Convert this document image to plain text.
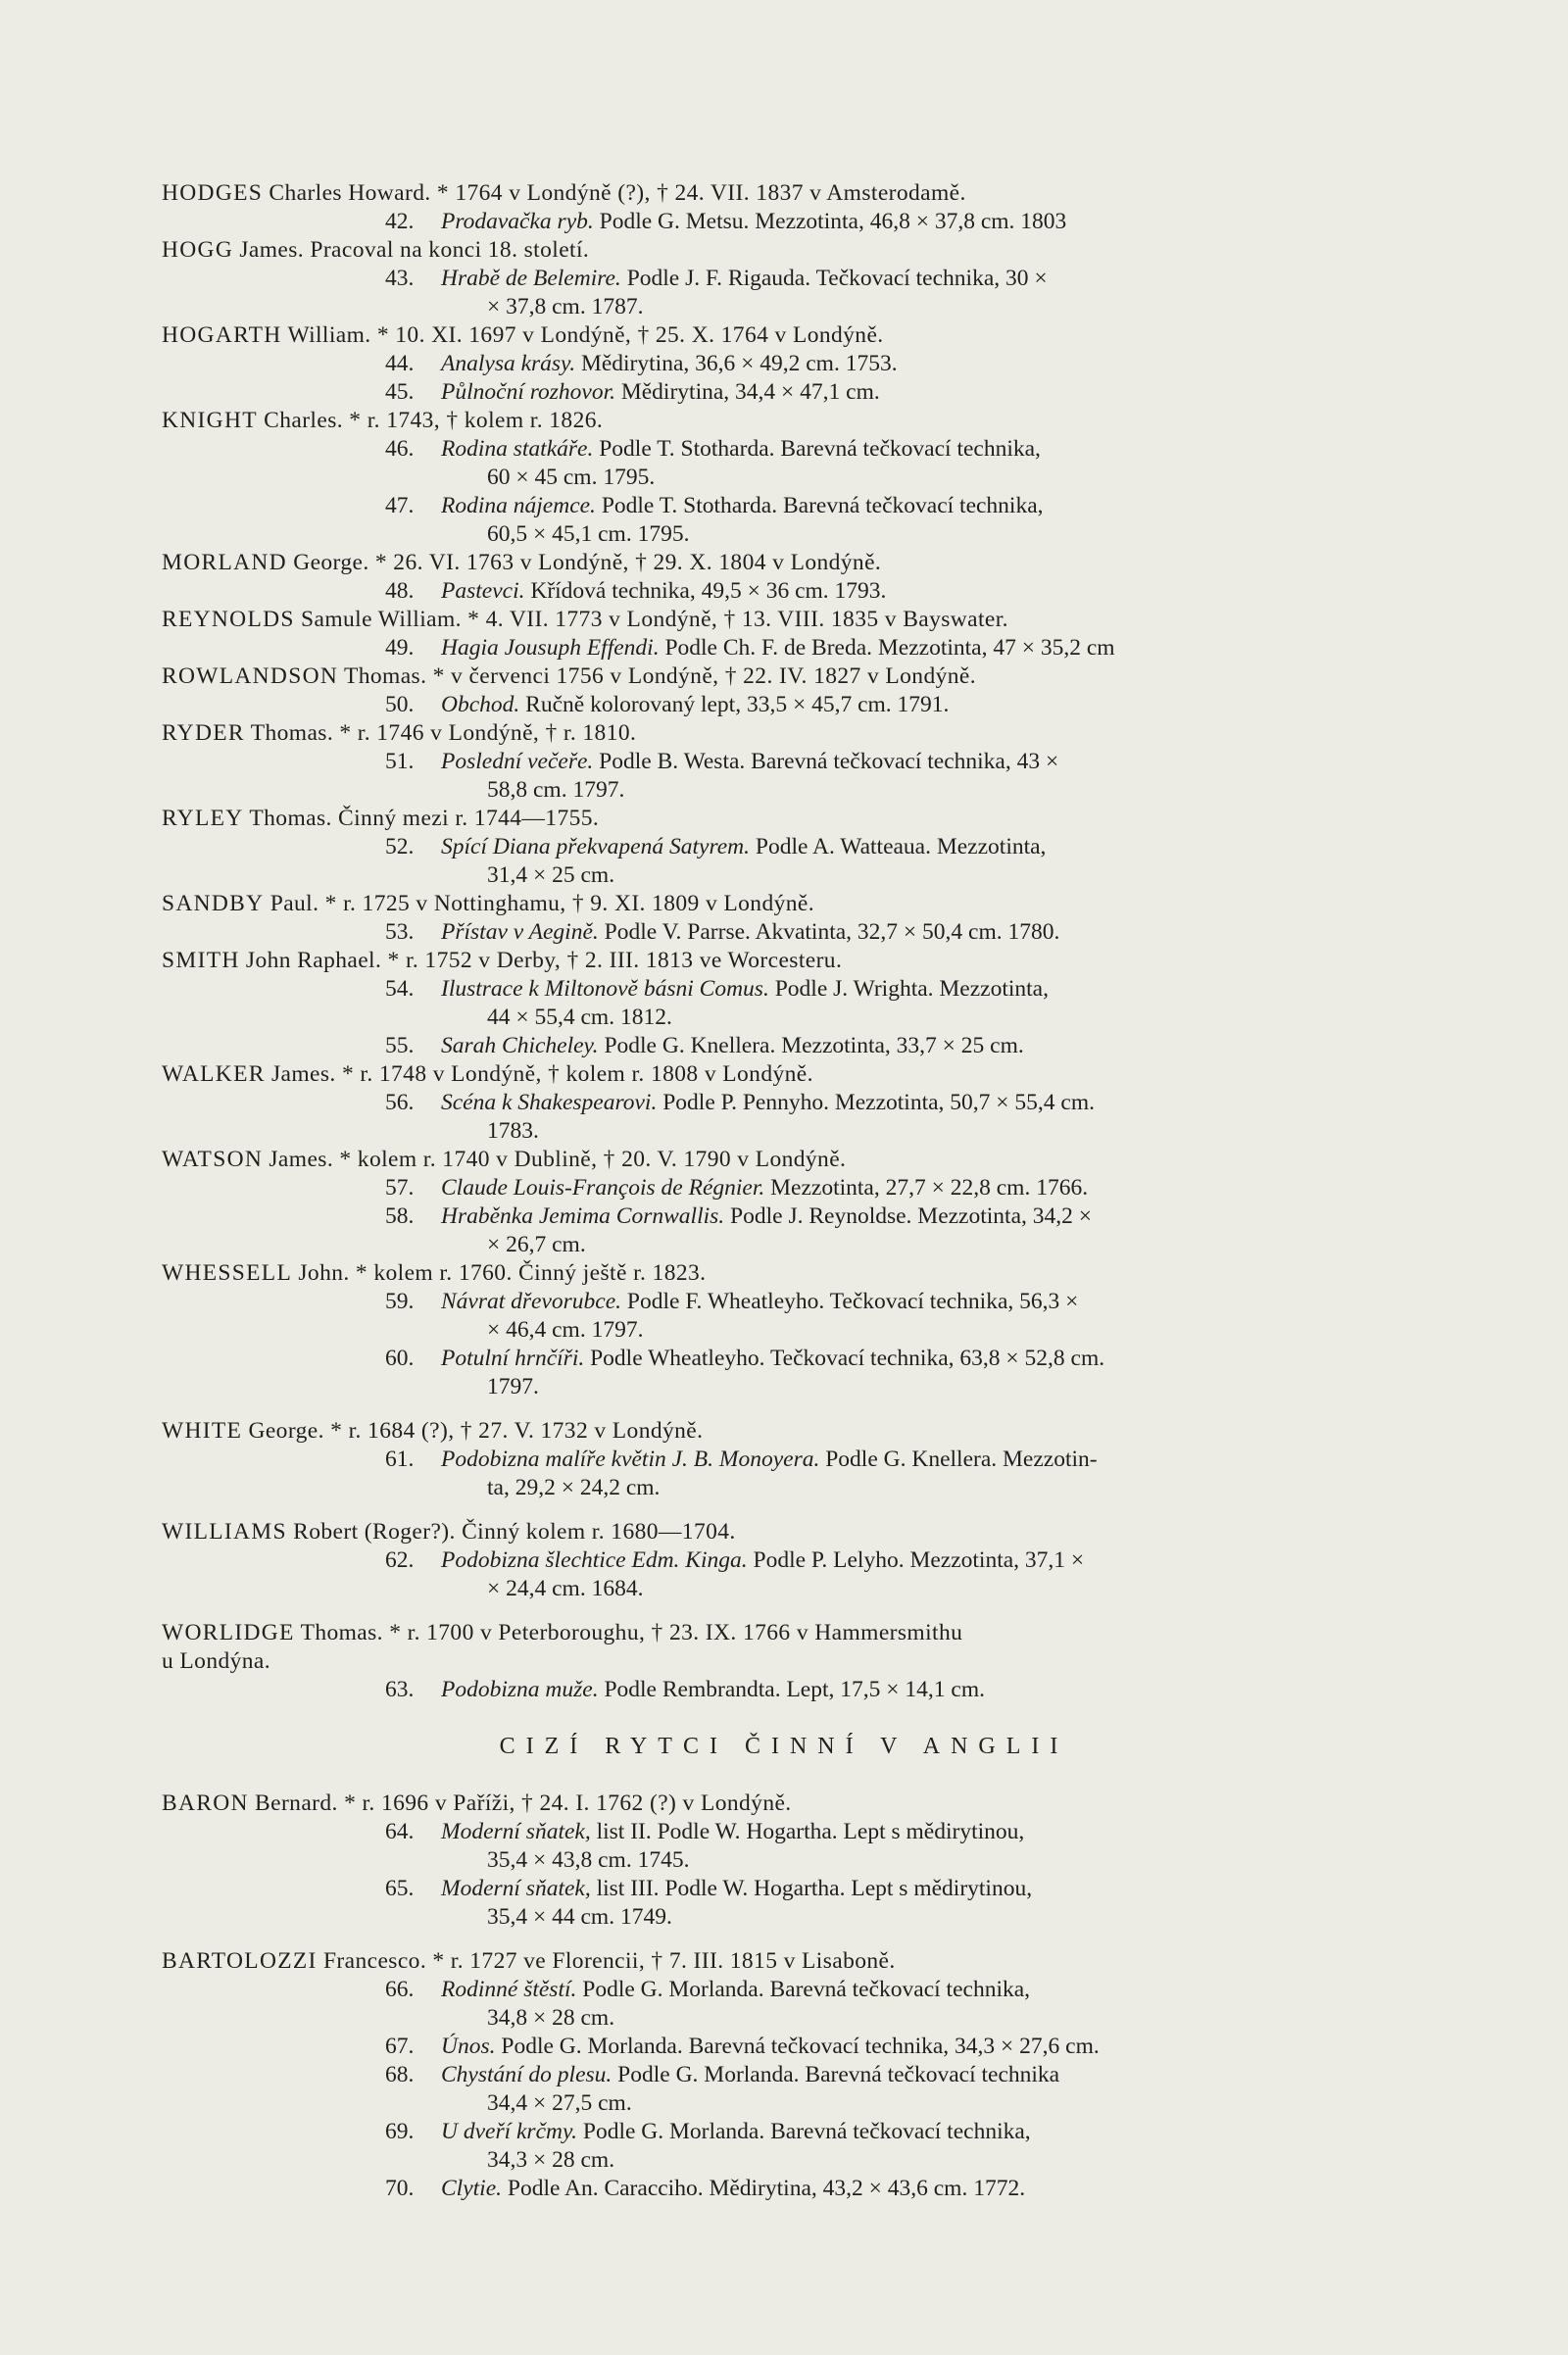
HODGES Charles Howard. * 1764 v Londýně (?), † 24. VII. 1837 v Amsterodamě.
42. Prodavačka ryb. Podle G. Metsu. Mezzotinta, 46,8 × 37,8 cm. 1803
HOGG James. Pracoval na konci 18. století.
43. Hrabě de Belemire. Podle J. F. Rigauda. Tečkovací technika, 30 ×
× 37,8 cm. 1787.
HOGARTH William. * 10. XI. 1697 v Londýně, † 25. X. 1764 v Londýně.
44. Analysa krásy. Mědirytina, 36,6 × 49,2 cm. 1753.
45. Půlnoční rozhovor. Mědirytina, 34,4 × 47,1 cm.
KNIGHT Charles. * r. 1743, † kolem r. 1826.
46. Rodina statkáře. Podle T. Stotharda. Barevná tečkovací technika,
60 × 45 cm. 1795.
47. Rodina nájemce. Podle T. Stotharda. Barevná tečkovací technika,
60,5 × 45,1 cm. 1795.
MORLAND George. * 26. VI. 1763 v Londýně, † 29. X. 1804 v Londýně.
48. Pastevci. Křídová technika, 49,5 × 36 cm. 1793.
REYNOLDS Samule William. * 4. VII. 1773 v Londýně, † 13. VIII. 1835 v Bayswater.
49. Hagia Jousuph Effendi. Podle Ch. F. de Breda. Mezzotinta, 47 × 35,2 cm
ROWLANDSON Thomas. * v červenci 1756 v Londýně, † 22. IV. 1827 v Londýně.
50. Obchod. Ručně kolorovaný lept, 33,5 × 45,7 cm. 1791.
RYDER Thomas. * r. 1746 v Londýně, † r. 1810.
51. Poslední večeře. Podle B. Westa. Barevná tečkovací technika, 43 ×
58,8 cm. 1797.
RYLEY Thomas. Činný mezi r. 1744—1755.
52. Spící Diana překvapená Satyrem. Podle A. Watteaua. Mezzotinta,
31,4 × 25 cm.
SANDBY Paul. * r. 1725 v Nottinghamu, † 9. XI. 1809 v Londýně.
53. Přístav v Aegině. Podle V. Parrse. Akvatinta, 32,7 × 50,4 cm. 1780.
SMITH John Raphael. * r. 1752 v Derby, † 2. III. 1813 ve Worcesteru.
54. Ilustrace k Miltonově básni Comus. Podle J. Wrighta. Mezzotinta,
44 × 55,4 cm. 1812.
55. Sarah Chicheley. Podle G. Knellera. Mezzotinta, 33,7 × 25 cm.
WALKER James. * r. 1748 v Londýně, † kolem r. 1808 v Londýně.
56. Scéna k Shakespearovi. Podle P. Pennyho. Mezzotinta, 50,7 × 55,4 cm.
1783.
WATSON James. * kolem r. 1740 v Dublině, † 20. V. 1790 v Londýně.
57. Claude Louis-François de Régnier. Mezzotinta, 27,7 × 22,8 cm. 1766.
58. Hraběnka Jemima Cornwallis. Podle J. Reynoldse. Mezzotinta, 34,2 ×
× 26,7 cm.
WHESSELL John. * kolem r. 1760. Činný ještě r. 1823.
59. Návrat dřevorubce. Podle F. Wheatleyho. Tečkovací technika, 56,3 ×
× 46,4 cm. 1797.
60. Potulní hrnčíři. Podle Wheatleyho. Tečkovací technika, 63,8 × 52,8 cm.
1797.
WHITE George. * r. 1684 (?), † 27. V. 1732 v Londýně.
61. Podobizna malíře květin J. B. Monoyera. Podle G. Knellera. Mezzotin-
ta, 29,2 × 24,2 cm.
WILLIAMS Robert (Roger?). Činný kolem r. 1680—1704.
62. Podobizna šlechtice Edm. Kinga. Podle P. Lelyho. Mezzotinta, 37,1 ×
× 24,4 cm. 1684.
WORLIDGE Thomas. * r. 1700 v Peterboroughu, † 23. IX. 1766 v Hammersmithu
u Londýna.
63. Podobizna muže. Podle Rembrandta. Lept, 17,5 × 14,1 cm.
CIZÍ RYTCI ČINNÍ V ANGLII
BARON Bernard. * r. 1696 v Paříži, † 24. I. 1762 (?) v Londýně.
64. Moderní sňatek, list II. Podle W. Hogartha. Lept s mědirytinou,
35,4 × 43,8 cm. 1745.
65. Moderní sňatek, list III. Podle W. Hogartha. Lept s mědirytinou,
35,4 × 44 cm. 1749.
BARTOLOZZI Francesco. * r. 1727 ve Florencii, † 7. III. 1815 v Lisaboně.
66. Rodinné štěstí. Podle G. Morlanda. Barevná tečkovací technika,
34,8 × 28 cm.
67. Únos. Podle G. Morlanda. Barevná tečkovací technika, 34,3 × 27,6 cm.
68. Chystání do plesu. Podle G. Morlanda. Barevná tečkovací technika
34,4 × 27,5 cm.
69. U dveří krčmy. Podle G. Morlanda. Barevná tečkovací technika,
34,3 × 28 cm.
70. Clytie. Podle An. Caracciho. Mědirytina, 43,2 × 43,6 cm. 1772.
